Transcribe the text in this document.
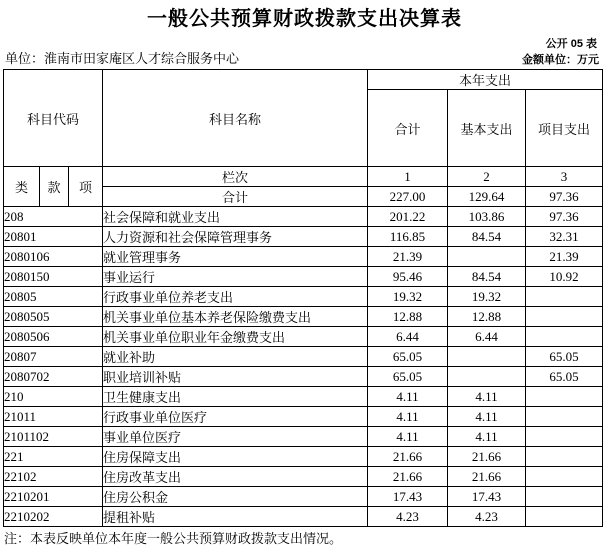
一般公共预算财政拨款支出决算表
公开 05 表
单位：淮南市田家庵区人才综合服务中心	金额单位：万元
科目代码			科目名称	本年支出		
				合计	基本支出	项目支出
类	款	项	栏次	1	2	3
			合计	227.00	129.64	97.36
208			社会保障和就业支出	201.22	103.86	97.36
20801			人力资源和社会保障管理事务	116.85	84.54	32.31
2080106			就业管理事务	21.39		21.39
2080150			事业运行	95.46	84.54	10.92
20805			行政事业单位养老支出	19.32	19.32	
2080505			机关事业单位基本养老保险缴费支出	12.88	12.88	
2080506			机关事业单位职业年金缴费支出	6.44	6.44	
20807			就业补助	65.05		65.05
2080702			职业培训补贴	65.05		65.05
210			卫生健康支出	4.11	4.11	
21011			行政事业单位医疗	4.11	4.11	
2101102			事业单位医疗	4.11	4.11	
221			住房保障支出	21.66	21.66	
22102			住房改革支出	21.66	21.66	
2210201			住房公积金	17.43	17.43	
2210202			提租补贴	4.23	4.23	
注：本表反映单位本年度一般公共预算财政拨款支出情况。
